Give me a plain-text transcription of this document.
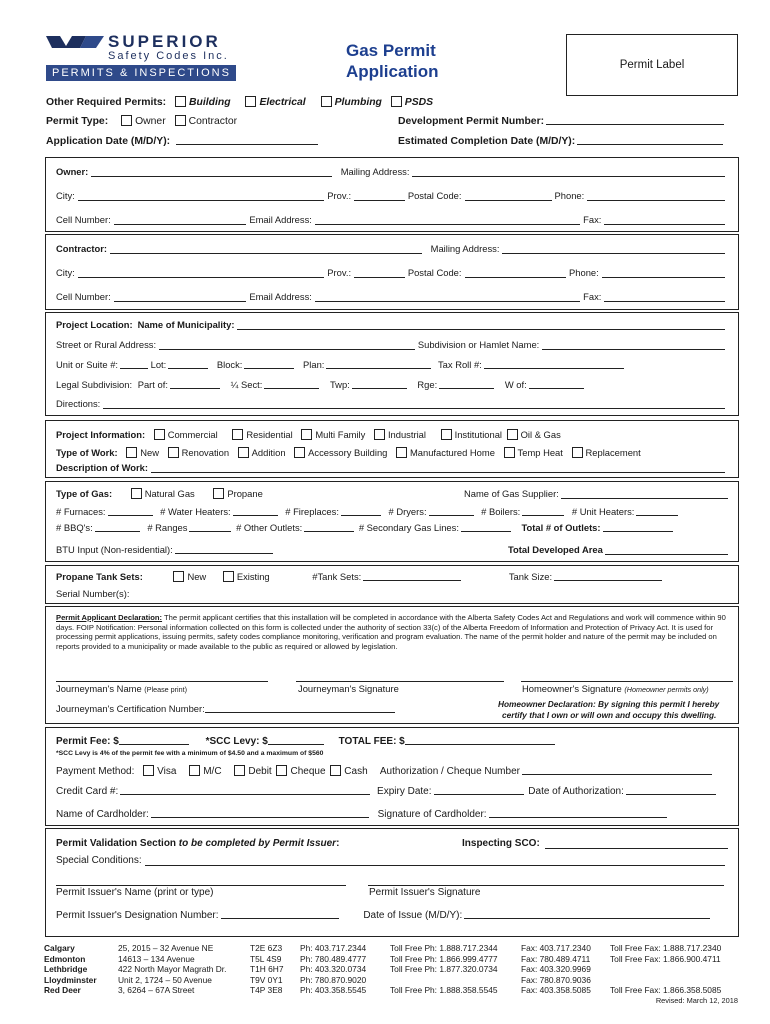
SUPERIOR
Safety Codes Inc.
PERMITS & INSPECTIONS
Gas Permit
Application	Permit Label
Other Required Permits: Building	Electrical	Plumbing PSDS
Permit Type:	Owner Contractor	Development Permit Number:
Application Date (M/D/Y):	Estimated Completion Date (M/D/Y):
Owner:	Mailing Address:
City:	Prov.:	Postal Code:	Phone:
Cell Number:	Email Address:	Fax:
Contractor:	Mailing Address:
City:	Prov.:	Postal Code:	Phone:
Cell Number:	Email Address:	Fax:
Project Location: Name of Municipality:
Street or Rural Address:	Subdivision or Hamlet Name:
Unit or Suite #:	Lot:	Block:	Plan:	Tax Roll #:
Legal Subdivision: Part of:	¼ Sect:	Twp:	Rge:	W of:
Directions:
Project Information: Commercial	Residential Multi Family Industrial	Institutional Oil & Gas
Type of Work: New Renovation Addition Accessory Building Manufactured Home Temp Heat Replacement
Description of Work:
Type of Gas:	Natural Gas	Propane	Name of Gas Supplier:
# Furnaces:	# Water Heaters:	# Fireplaces:	# Dryers:	# Boilers:	# Unit Heaters:
# BBQ's:	# Ranges	# Other Outlets:	# Secondary Gas Lines:	Total # of Outlets:
BTU Input (Non-residential):	Total Developed Area
Propane Tank Sets:	New	Existing	#Tank Sets:	Tank Size:
Serial Number(s):
Permit Applicant Declaration: The permit applicant certifies that this installation will be completed in accordance with the Alberta Safety Codes Act and Regulations and work will commence within 90 days. FOIP Notification: Personal information collected on this form is collected under the authority of section 33(c) of the Alberta Freedom of Information and Protection of Privacy Act. It is used for processing permit applications, issuing permits, safety codes compliance monitoring, verification and program evaluation. The name of the permit holder and nature of the permit may be included on reports provided to a municipality or made available to the public as required or allowed by legislation.
Journeyman's Name (Please print)	Journeyman's Signature	Homeowner's Signature (Homeowner permits only)
Journeyman's Certification Number:	Homeowner Declaration: By signing this permit I hereby
certify that I own or will own and occupy this dwelling.
Permit Fee: $	*SCC Levy: $	TOTAL FEE: $
*SCC Levy is 4% of the permit fee with a minimum of $4.50 and a maximum of $560
Payment Method: Visa	M/C	Debit Cheque Cash Authorization / Cheque Number
Credit Card #:	Expiry Date:	Date of Authorization:
Name of Cardholder:	Signature of Cardholder:
Permit Validation Section to be completed by Permit Issuer:	Inspecting SCO:
Special Conditions:
Permit Issuer's Name (print or type)	Permit Issuer's Signature
Permit Issuer's Designation Number:	Date of Issue (M/D/Y):
Calgary	25, 2015 – 32 Avenue NE	T2E 6Z3	Ph: 403.717.2344	Toll Free Ph: 1.888.717.2344	Fax: 403.717.2340	Toll Free Fax: 1.888.717.2340
Edmonton	14613 – 134 Avenue	T5L 4S9	Ph: 780.489.4777	Toll Free Ph: 1.866.999.4777	Fax: 780.489.4711	Toll Free Fax: 1.866.900.4711
Lethbridge	422 North Mayor Magrath Dr.	T1H 6H7	Ph: 403.320.0734	Toll Free Ph: 1.877.320.0734	Fax: 403.320.9969	
Lloydminster	Unit 2, 1724 – 50 Avenue	T9V 0Y1	Ph: 780.870.9020		Fax: 780.870.9036	
Red Deer	3, 6264 – 67A Street	T4P 3E8	Ph: 403.358.5545	Toll Free Ph: 1.888.358.5545	Fax: 403.358.5085	Toll Free Fax: 1.866.358.5085
Revised: March 12, 2018
